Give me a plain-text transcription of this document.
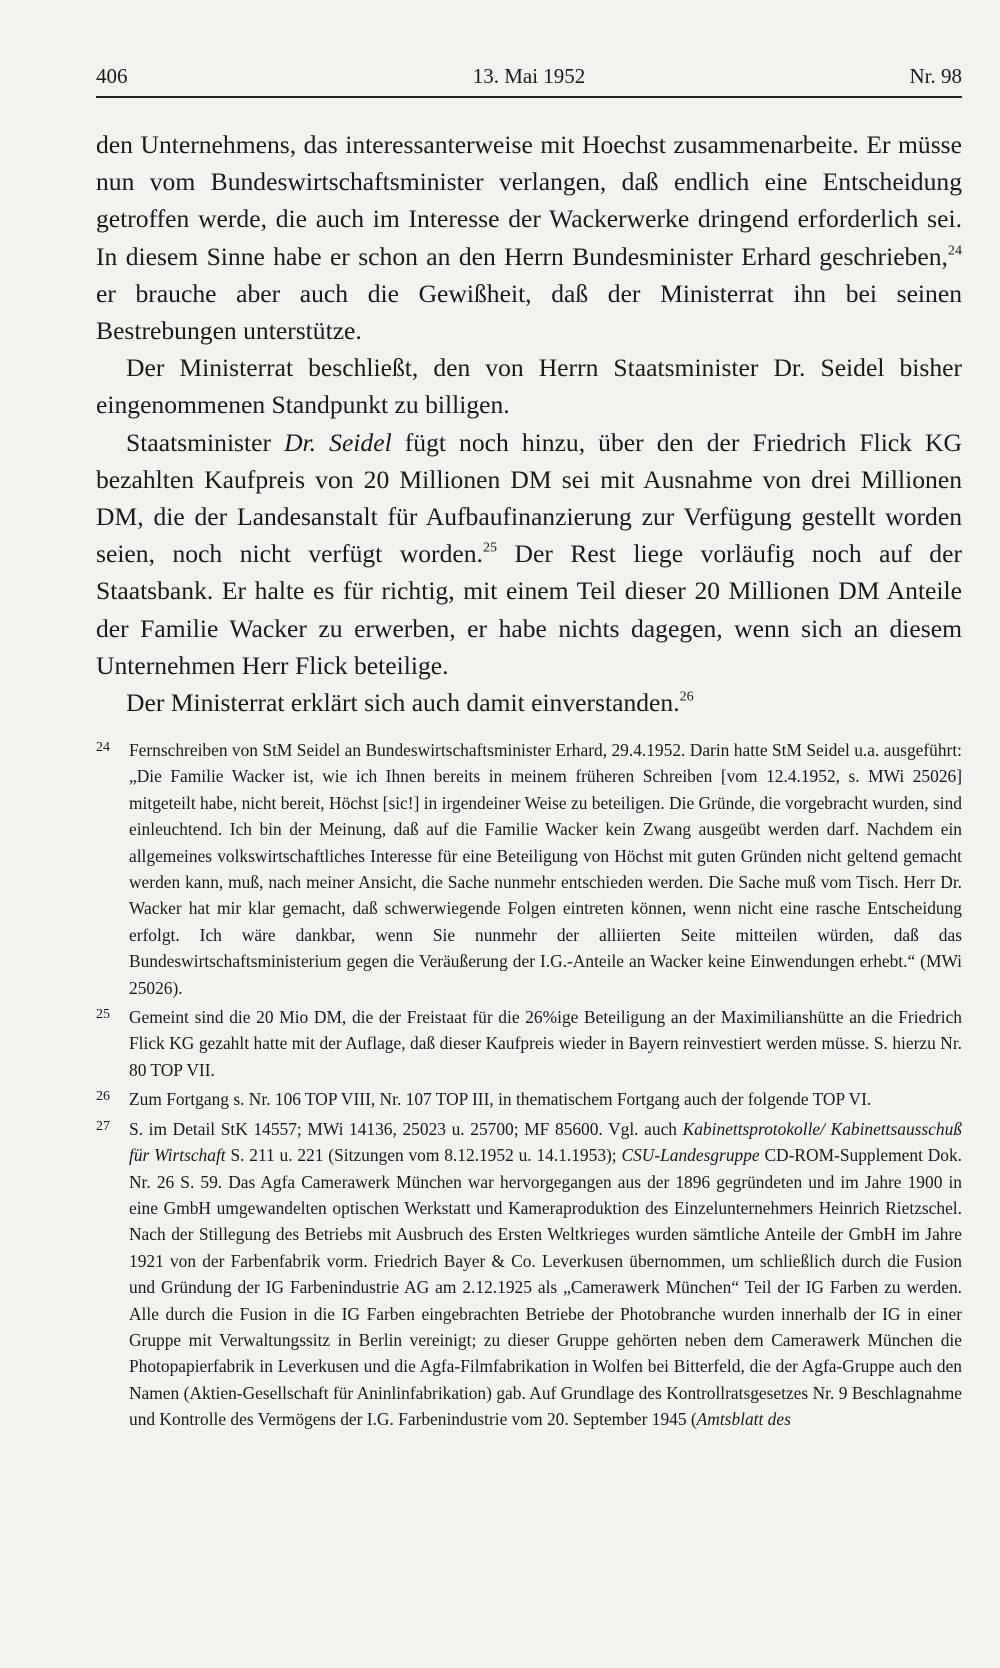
406	13. Mai 1952	Nr. 98

den Unternehmens, das interessanterweise mit Hoechst zusammenarbeite. Er müsse nun vom Bundeswirtschaftsminister verlangen, daß endlich eine Entscheidung getroffen werde, die auch im Interesse der Wackerwerke dringend erforderlich sei. In diesem Sinne habe er schon an den Herrn Bundesminister Erhard geschrieben,$^{24}$ er brauche aber auch die Gewißheit, daß der Ministerrat ihn bei seinen Bestrebungen unterstütze.

Der Ministerrat beschließt, den von Herrn Staatsminister Dr. Seidel bisher eingenommenen Standpunkt zu billigen.

Staatsminister Dr. Seidel fügt noch hinzu, über den der Friedrich Flick KG bezahlten Kaufpreis von 20 Millionen DM sei mit Ausnahme von drei Millionen DM, die der Landesanstalt für Aufbaufinanzierung zur Verfügung gestellt worden seien, noch nicht verfügt worden.$^{25}$ Der Rest liege vorläufig noch auf der Staatsbank. Er halte es für richtig, mit einem Teil dieser 20 Millionen DM Anteile der Familie Wacker zu erwerben, er habe nichts dagegen, wenn sich an diesem Unternehmen Herr Flick beteilige.

Der Ministerrat erklärt sich auch damit einverstanden.$^{26}$

24 Fernschreiben von StM Seidel an Bundeswirtschaftsminister Erhard, 29.4.1952. Darin hatte StM Seidel u.a. ausgeführt: „Die Familie Wacker ist, wie ich Ihnen bereits in meinem früheren Schreiben [vom 12.4.1952, s. MWi 25026] mitgeteilt habe, nicht bereit, Höchst [sic!] in irgendeiner Weise zu beteiligen. Die Gründe, die vorgebracht wurden, sind einleuchtend. Ich bin der Meinung, daß auf die Familie Wacker kein Zwang ausgeübt werden darf. Nachdem ein allgemeines volkswirtschaftliches Interesse für eine Beteiligung von Höchst mit guten Gründen nicht geltend gemacht werden kann, muß, nach meiner Ansicht, die Sache nunmehr entschieden werden. Die Sache muß vom Tisch. Herr Dr. Wacker hat mir klar gemacht, daß schwerwiegende Folgen eintreten können, wenn nicht eine rasche Entscheidung erfolgt. Ich wäre dankbar, wenn Sie nunmehr der alliierten Seite mitteilen würden, daß das Bundeswirtschaftsministerium gegen die Veräußerung der I.G.-Anteile an Wacker keine Einwendungen erhebt.“ (MWi 25026).
25 Gemeint sind die 20 Mio DM, die der Freistaat für die 26%ige Beteiligung an der Maximilianshütte an die Friedrich Flick KG gezahlt hatte mit der Auflage, daß dieser Kaufpreis wieder in Bayern reinvestiert werden müsse. S. hierzu Nr. 80 TOP VII.
26 Zum Fortgang s. Nr. 106 TOP VIII, Nr. 107 TOP III, in thematischem Fortgang auch der folgende TOP VI.
27 S. im Detail StK 14557; MWi 14136, 25023 u. 25700; MF 85600. Vgl. auch Kabinettsprotokolle/ Kabinettsausschuß für Wirtschaft S. 211 u. 221 (Sitzungen vom 8.12.1952 u. 14.1.1953); CSU-Landesgruppe CD-ROM-Supplement Dok. Nr. 26 S. 59. Das Agfa Camerawerk München war hervorgegangen aus der 1896 gegründeten und im Jahre 1900 in eine GmbH umgewandelten optischen Werkstatt und Kameraproduktion des Einzelunternehmers Heinrich Rietzschel. Nach der Stillegung des Betriebs mit Ausbruch des Ersten Weltkrieges wurden sämtliche Anteile der GmbH im Jahre 1921 von der Farbenfabrik vorm. Friedrich Bayer & Co. Leverkusen übernommen, um schließlich durch die Fusion und Gründung der IG Farbenindustrie AG am 2.12.1925 als „Camerawerk München“ Teil der IG Farben zu werden. Alle durch die Fusion in die IG Farben eingebrachten Betriebe der Photobranche wurden innerhalb der IG in einer Gruppe mit Verwaltungssitz in Berlin vereinigt; zu dieser Gruppe gehörten neben dem Camerawerk München die Photopapierfabrik in Leverkusen und die Agfa-Filmfabrikation in Wolfen bei Bitterfeld, die der Agfa-Gruppe auch den Namen (Aktien-Gesellschaft für Aninlinfabrikation) gab. Auf Grundlage des Kontrollratsgesetzes Nr. 9 Beschlagnahme und Kontrolle des Vermögens der I.G. Farbenindustrie vom 20. September 1945 (Amtsblatt des
